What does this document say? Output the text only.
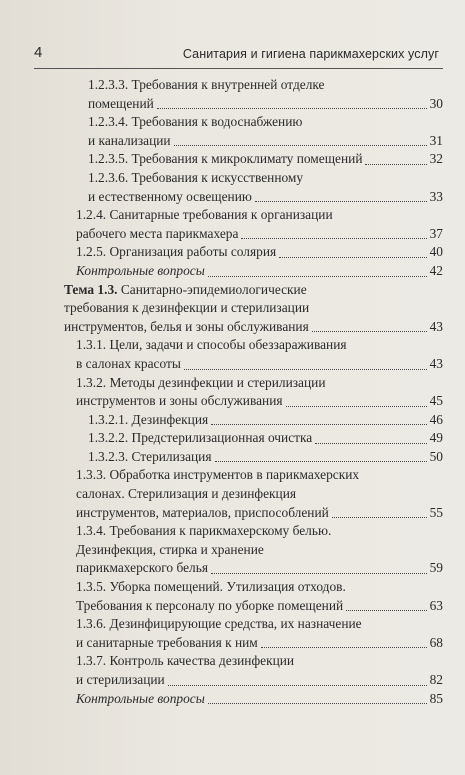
4	Санитария и гигиена парикмахерских услуг
1.2.3.3. Требования к внутренней отделке
помещений	30
1.2.3.4. Требования к водоснабжению
и канализации	31
1.2.3.5. Требования к микроклимату помещений	32
1.2.3.6. Требования к искусственному
и естественному освещению	33
1.2.4. Санитарные требования к организации
рабочего места парикмахера	37
1.2.5. Организация работы солярия	40
Контрольные вопросы	42
Тема 1.3. Санитарно-эпидемиологические
требования к дезинфекции и стерилизации
инструментов, белья и зоны обслуживания	43
1.3.1. Цели, задачи и способы обеззараживания
в салонах красоты	43
1.3.2. Методы дезинфекции и стерилизации
инструментов и зоны обслуживания	45
1.3.2.1. Дезинфекция	46
1.3.2.2. Предстерилизационная очистка	49
1.3.2.3. Стерилизация	50
1.3.3. Обработка инструментов в парикмахерских
салонах. Стерилизация и дезинфекция
инструментов, материалов, приспособлений	55
1.3.4. Требования к парикмахерскому белью.
Дезинфекция, стирка и хранение
парикмахерского белья	59
1.3.5. Уборка помещений. Утилизация отходов.
Требования к персоналу по уборке помещений	63
1.3.6. Дезинфицирующие средства, их назначение
и санитарные требования к ним	68
1.3.7. Контроль качества дезинфекции
и стерилизации	82
Контрольные вопросы	85
